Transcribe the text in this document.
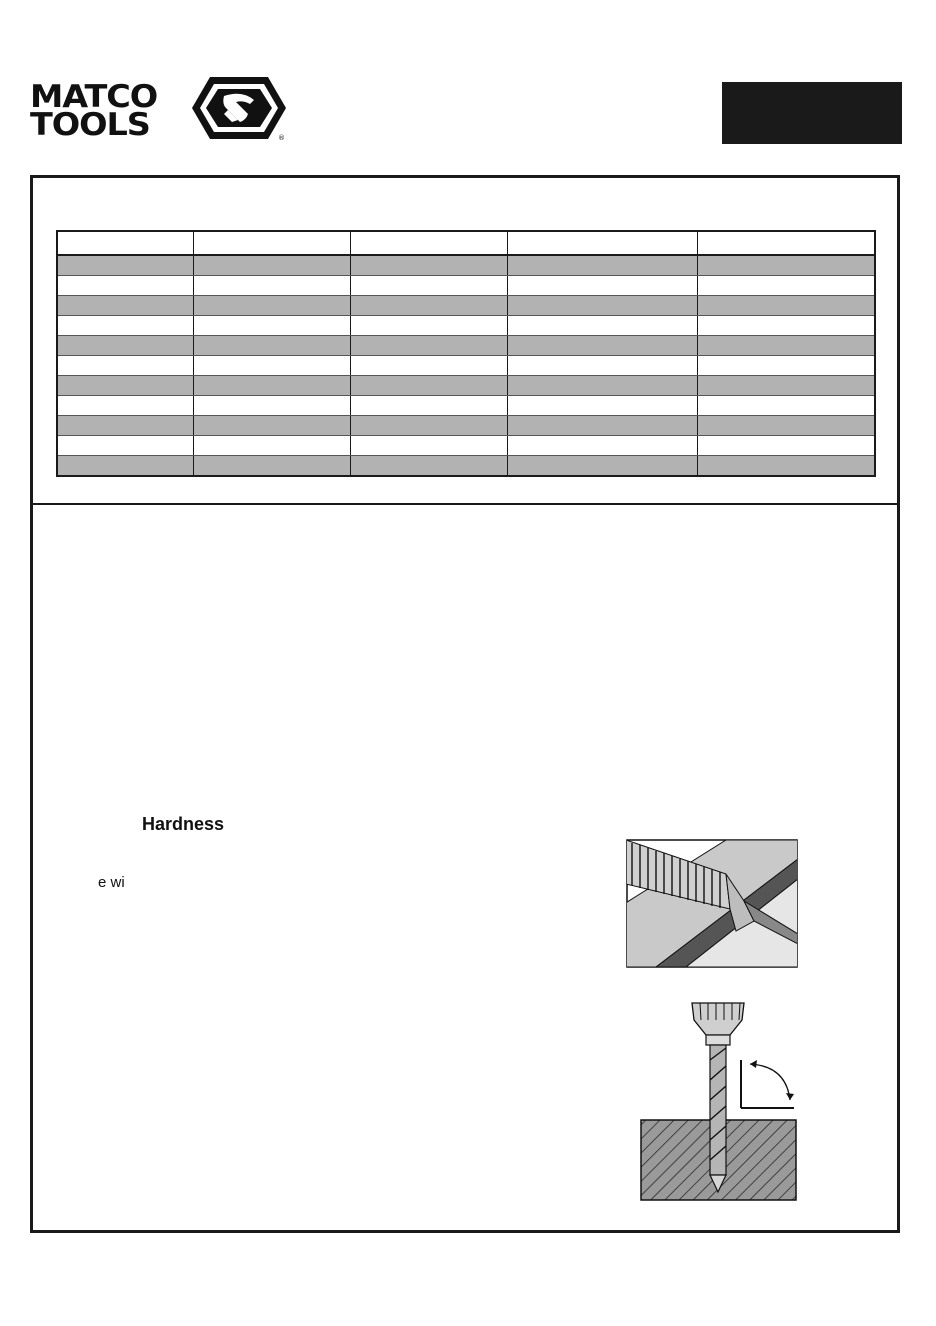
MATCO
TOOLS	®

Hardness
e wi
